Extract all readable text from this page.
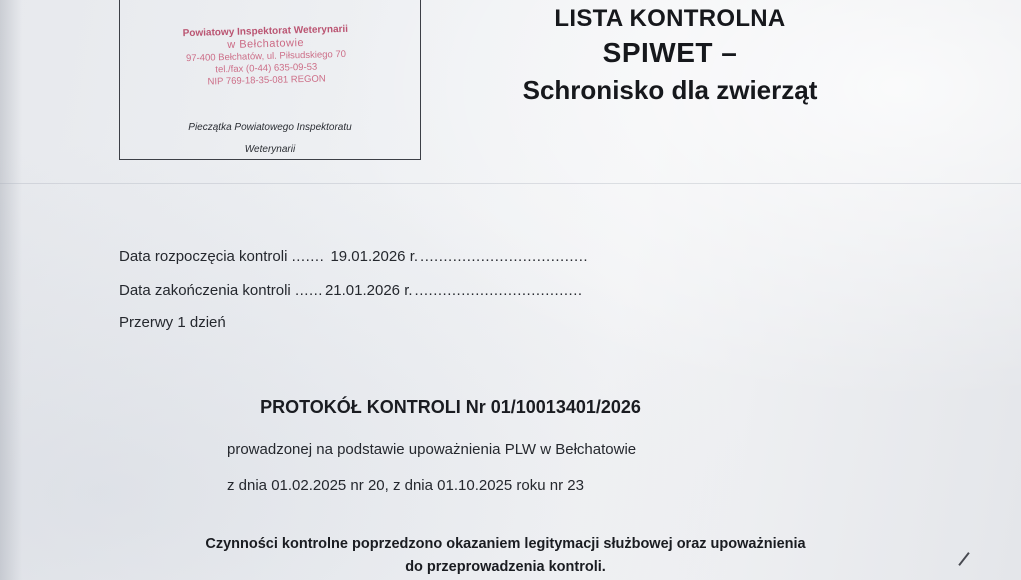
Powiatowy Inspektorat Weterynarii
w Bełchatowie
97-400 Bełchatów, ul. Piłsudskiego 70
tel./fax (0-44) 635-09-53
NIP 769-18-35-081 REGON
Pieczątka Powiatowego Inspektoratu
Weterynarii
LISTA KONTROLNA
SPIWET –
Schronisko dla zwierząt
Data rozpoczęcia kontroli ....... 19.01.2026 r. ....................................
Data zakończenia kontroli ...... 21.01.2026 r. ....................................
Przerwy 1 dzień
PROTOKÓŁ KONTROLI Nr 01/10013401/2026
prowadzonej na podstawie upoważnienia PLW w Bełchatowie
z dnia 01.02.2025 nr 20, z dnia 01.10.2025 roku nr 23
Czynności kontrolne poprzedzono okazaniem legitymacji służbowej oraz upoważnienia
do przeprowadzenia kontroli.
